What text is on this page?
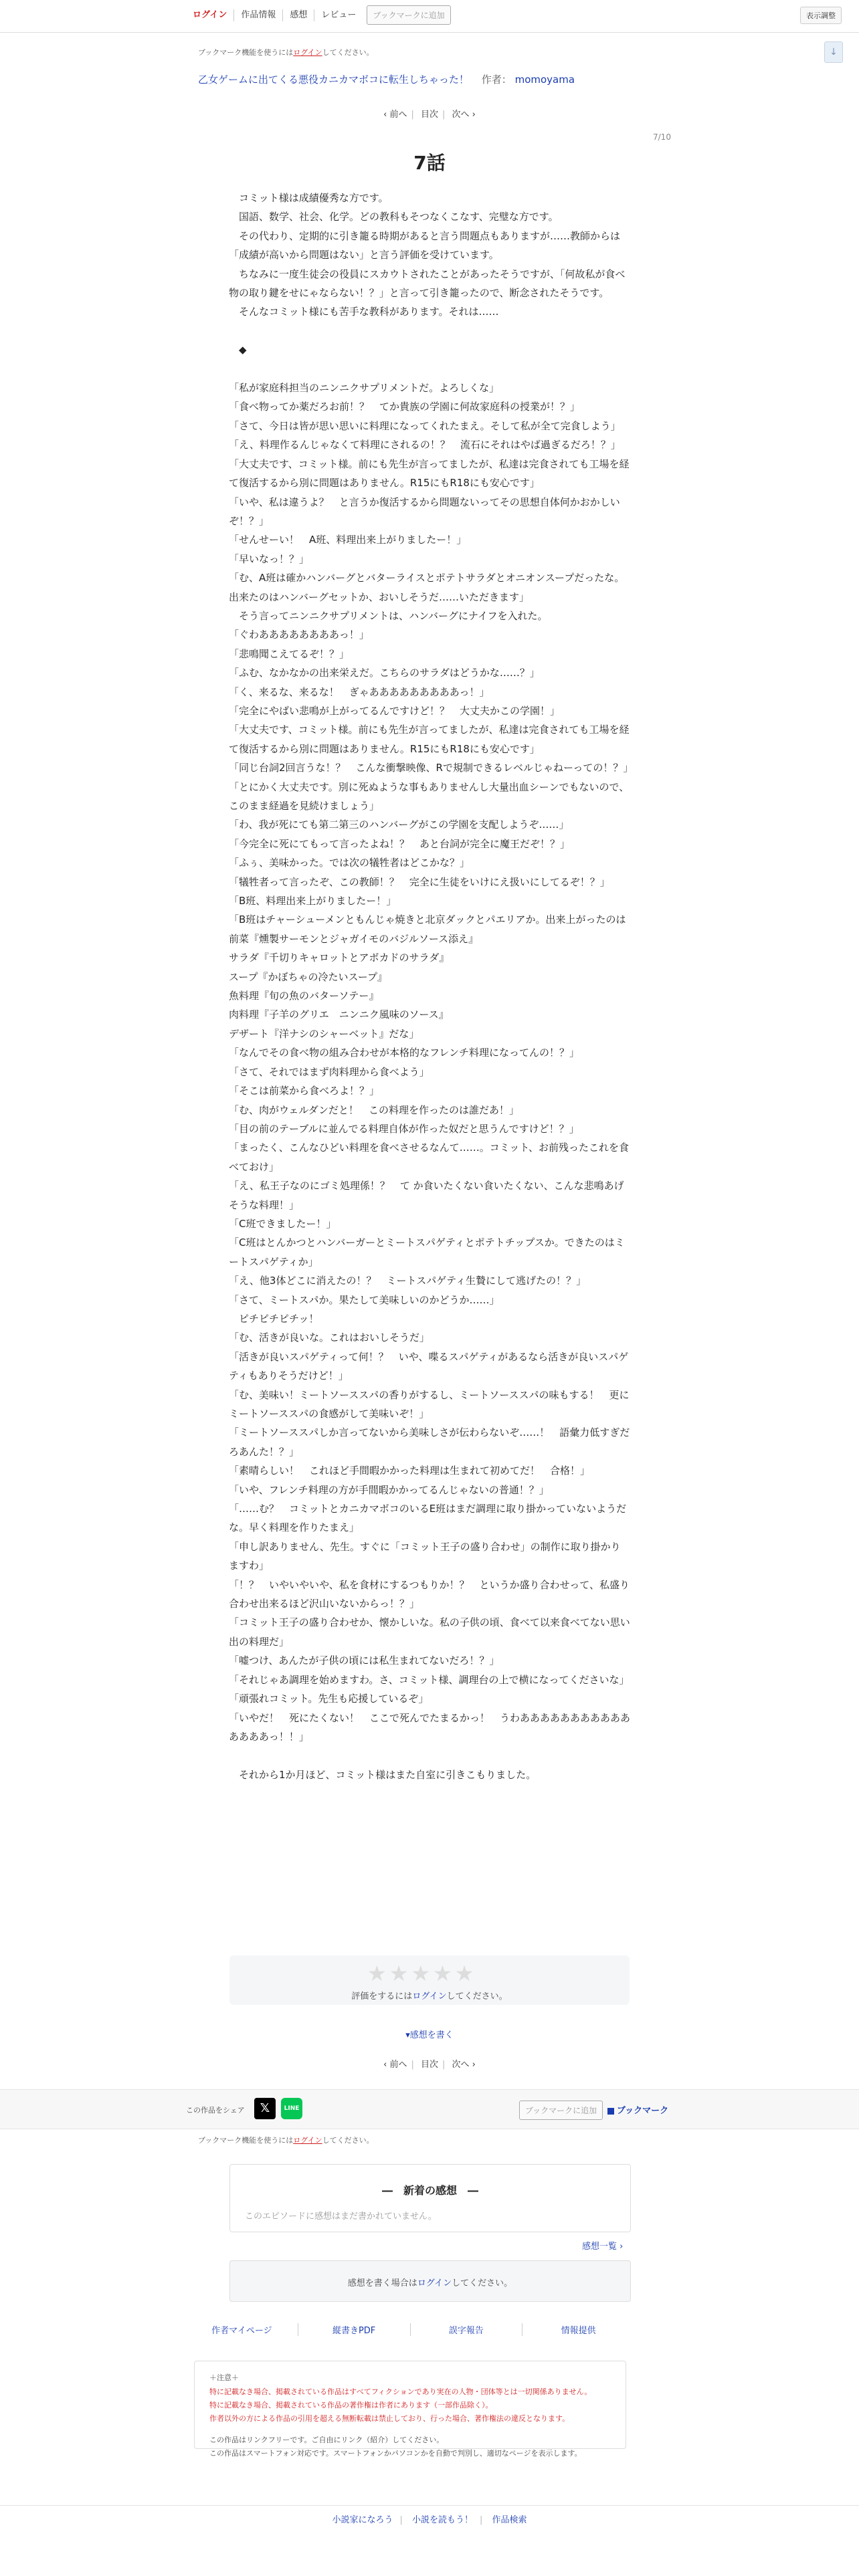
ログイン	作品情報	感想	レビュー	ブックマークに追加	表示調整
↓
ブックマーク機能を使うにはログインしてください。
乙女ゲームに出てくる悪役カニカマボコに転生しちゃった！ 作者： momoyama
‹ 前へ | 目次 | 次へ ›
7/10
7話

　コミット様は成績優秀な方です。

　国語、数学、社会、化学。どの教科もそつなくこなす、完璧な方です。

　その代わり、定期的に引き籠る時期があると言う問題点もありますが……教師からは「成績が高いから問題はない」と言う評価を受けています。

　ちなみに一度生徒会の役員にスカウトされたことがあったそうですが、「何故私が食べ物の取り鍵をせにゃならない！？」と言って引き籠ったので、断念されたそうです。

　そんなコミット様にも苦手な教科があります。それは……

　◆

「私が家庭科担当のニンニクサプリメントだ。よろしくな」

「食べ物ってか薬だろお前！？　てか貴族の学園に何故家庭科の授業が！？」

「さて、今日は皆が思い思いに料理になってくれたまえ。そして私が全て完食しよう」

「え、料理作るんじゃなくて料理にされるの！？　流石にそれはやば過ぎるだろ！？」

「大丈夫です、コミット様。前にも先生が言ってましたが、私達は完食されても工場を経て復活するから別に問題はありません。R15にもR18にも安心です」

「いや、私は違うよ？　と言うか復活するから問題ないってその思想自体何かおかしいぞ！？」

「せんせーい！　A班、料理出来上がりましたー！」

「早いなっ！？」

「む、A班は確かハンバーグとバターライスとポテトサラダとオニオンスープだったな。出来たのはハンバーグセットか、おいしそうだ……いただきます」

　そう言ってニンニクサプリメントは、ハンバーグにナイフを入れた。

「ぐわああああああああっ！」

「悲鳴聞こえてるぞ！？」

「ふむ、なかなかの出来栄えだ。こちらのサラダはどうかな……？」

「く、来るな、来るな！　ぎゃあああああああああっ！」

「完全にやばい悲鳴が上がってるんですけど！？　大丈夫かこの学園！」

「大丈夫です、コミット様。前にも先生が言ってましたが、私達は完食されても工場を経て復活するから別に問題はありません。R15にもR18にも安心です」

「同じ台詞2回言うな！？　こんな衝撃映像、Rで規制できるレベルじゃねーっての！？」

「とにかく大丈夫です。別に死ぬような事もありませんし大量出血シーンでもないので、このまま経過を見続けましょう」

「わ、我が死にても第二第三のハンバーグがこの学園を支配しようぞ……」

「今完全に死にてもって言ったよね！？　あと台詞が完全に魔王だぞ！？」

「ふぅ、美味かった。では次の犠牲者はどこかな？」

「犠牲者って言ったぞ、この教師！？　完全に生徒をいけにえ扱いにしてるぞ！？」

「B班、料理出来上がりましたー！」

「B班はチャーシューメンともんじゃ焼きと北京ダックとパエリアか。出来上がったのは

前菜『燻製サーモンとジャガイモのバジルソース添え』

サラダ『千切りキャロットとアボカドのサラダ』

スープ『かぼちゃの冷たいスープ』

魚料理『旬の魚のバターソテー』

肉料理『子羊のグリエ　ニンニク風味のソース』

デザート『洋ナシのシャーベット』だな」

「なんでその食べ物の組み合わせが本格的なフレンチ料理になってんの！？」

「さて、それではまず肉料理から食べよう」

「そこは前菜から食べろよ！？」

「む、肉がウェルダンだと！　この料理を作ったのは誰だあ！」

「目の前のテーブルに並んでる料理自体が作った奴だと思うんですけど！？」

「まったく、こんなひどい料理を食べさせるなんて……。コミット、お前残ったこれを食べておけ」

「え、私王子なのにゴミ処理係！？　て か食いたくない食いたくない、こんな悲鳴あげそうな料理！」

「C班できましたー！」

「C班はとんかつとハンバーガーとミートスパゲティとポテトチップスか。できたのはミートスパゲティか」

「え、他3体どこに消えたの！？　ミートスパゲティ生贄にして逃げたの！？」

「さて、ミートスパか。果たして美味しいのかどうか……」

　ピチピチピチッ！

「む、活きが良いな。これはおいしそうだ」

「活きが良いスパゲティって何！？　いや、喋るスパゲティがあるなら活きが良いスパゲティもありそうだけど！」

「む、美味い！ミートソーススパの香りがするし、ミートソーススパの味もする！　更にミートソーススパの食感がして美味いぞ！」

「ミートソーススパしか言ってないから美味しさが伝わらないぞ……！　語彙力低すぎだろあんた！？」

「素晴らしい！　これほど手間暇かかった料理は生まれて初めてだ！　合格！」

「いや、フレンチ料理の方が手間暇かかってるんじゃないの普通！？」

「……む？　コミットとカニカマボコのいるE班はまだ調理に取り掛かっていないようだな。早く料理を作りたまえ」

「申し訳ありません、先生。すぐに「コミット王子の盛り合わせ」の制作に取り掛かりますわ」

「！？　いやいやいや、私を食材にするつもりか！？　というか盛り合わせって、私盛り合わせ出来るほど沢山いないからっ！？」

「コミット王子の盛り合わせか、懐かしいな。私の子供の頃、食べて以来食べてない思い出の料理だ」

「嘘つけ、あんたが子供の頃には私生まれてないだろ！？」

「それじゃあ調理を始めますわ。さ、コミット様、調理台の上で横になってくださいな」

「頑張れコミット。先生も応援しているぞ」

「いやだ！　死にたくない！　ここで死んでたまるかっ！　うわあああああああああああああああっ！！」

　それから1か月ほど、コミット様はまた自室に引きこもりました。

★★★★★
評価をするにはログインしてください。
▾感想を書く
‹ 前へ | 目次 | 次へ ›
この作品をシェア	𝕏	LINE	ブックマークに追加	ブックマーク
ブックマーク機能を使うにはログインしてください。
―　新着の感想　―
このエピソードに感想はまだ書かれていません。
感想一覧 ›
感想を書く場合はログインしてください。
作者マイページ	縦書きPDF	誤字報告	情報提供
＋注意＋
特に記載なき場合、掲載されている作品はすべてフィクションであり実在の人物・団体等とは一切関係ありません。
特に記載なき場合、掲載されている作品の著作権は作者にあります（一部作品除く）。
作者以外の方による作品の引用を超える無断転載は禁止しており、行った場合、著作権法の違反となります。
この作品はリンクフリーです。ご自由にリンク（紹介）してください。
この作品はスマートフォン対応です。スマートフォンかパソコンかを自動で判別し、適切なページを表示します。
小説家になろう | 小説を読もう！ | 作品検索
